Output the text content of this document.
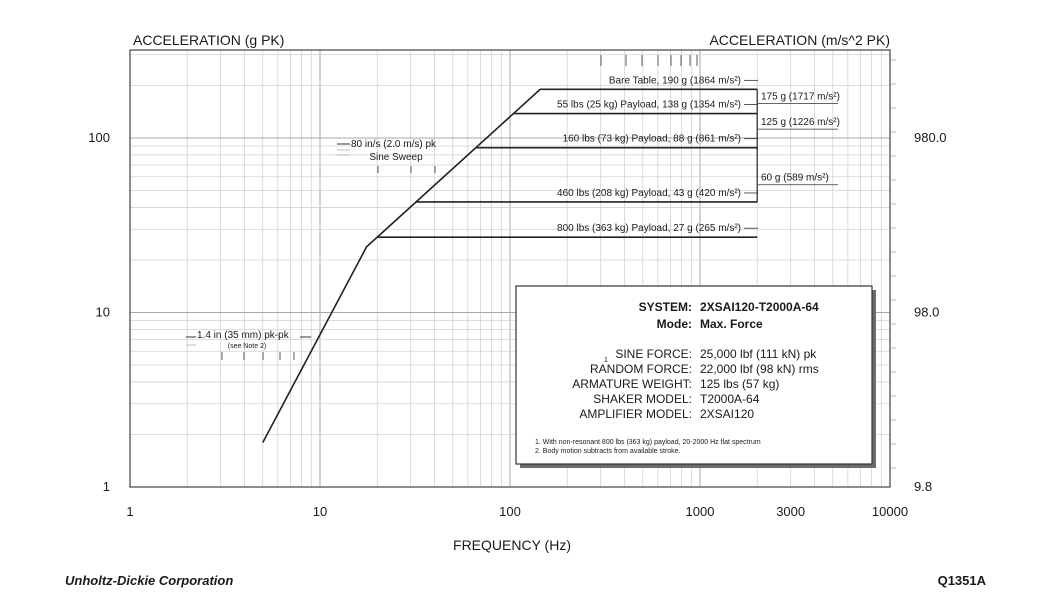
ACCELERATION (g PK)	ACCELERATION (m/s^2 PK)
FREQUENCY (Hz)
1	10	100	1000	3000	10000
1
10
100
9.8
98.0
980.0
Bare Table, 190 g (1864 m/s²)
55 lbs (25 kg) Payload, 138 g (1354 m/s²)
160 lbs (73 kg) Payload, 88 g (861 m/s²)
460 lbs (208 kg) Payload, 43 g (420 m/s²)
800 lbs (363 kg) Payload, 27 g (265 m/s²)
175 g (1717 m/s²)
125 g (1226 m/s²)
60 g (589 m/s²)
80 in/s (2.0 m/s) pk
Sine Sweep
1.4 in (35 mm) pk-pk
(see Note 2)
SYSTEM: 2XSAI120-T2000A-64
Mode: Max. Force
SINE FORCE: 25,000 lbf (111 kN) pk
RANDOM FORCE: 22,000 lbf (98 kN) rms
ARMATURE WEIGHT: 125 lbs (57 kg)
SHAKER MODEL: T2000A-64
AMPLIFIER MODEL: 2XSAI120
1
1. With non-resonant 800 lbs (363 kg) payload, 20-2000 Hz flat spectrum
2. Body motion subtracts from available stroke.
Unholtz-Dickie Corporation	Q1351A
